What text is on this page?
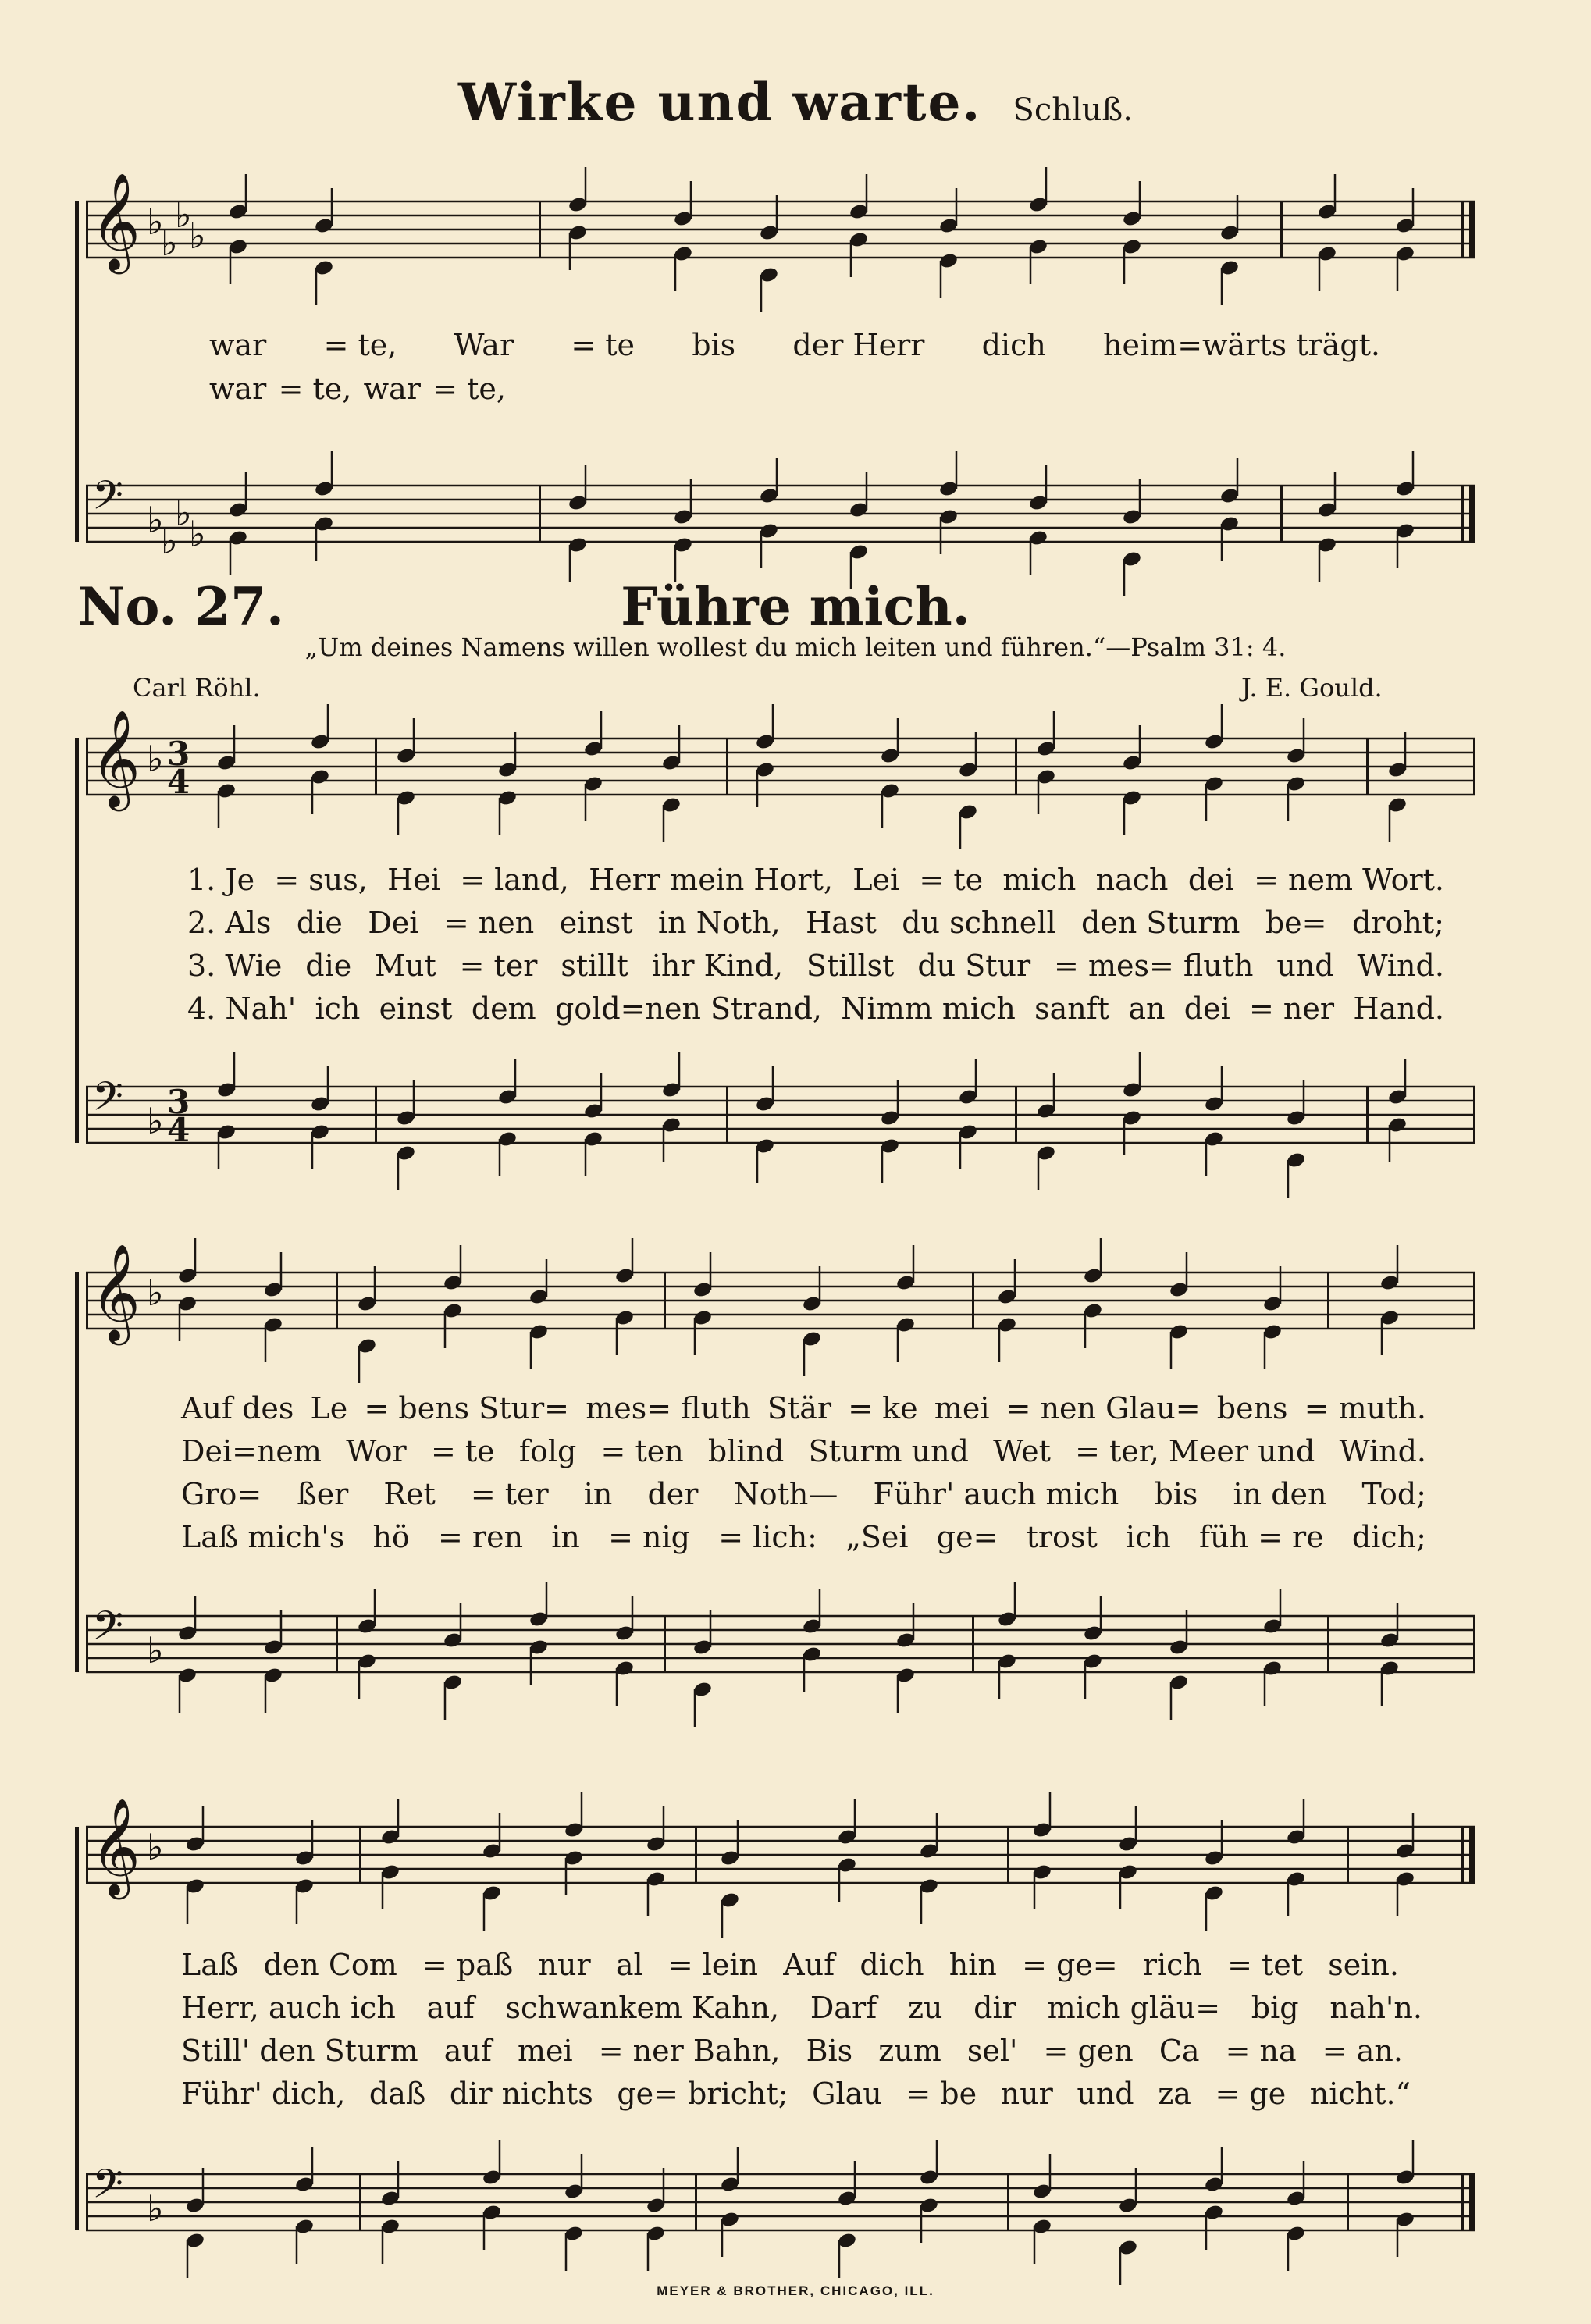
𝄞
𝄢
♭
♭
♭
♭
♭
♭
♭
♭
𝄞
𝄢
♭
♭
3
4
3
4
𝄞
𝄢
♭
♭
𝄞
𝄢
♭
♭
Wirke und warte. Schluß.
war = te, War = te bis der Herr dich heim=wärts trägt.
war = te, war = te,
No. 27.	Führe mich.
„Um deines Namens willen wollest du mich leiten und führen.“—Psalm 31: 4.
Carl Röhl.	J. E. Gould.
1. Je = sus, Hei = land, Herr mein Hort, Lei = te mich nach dei = nem Wort.
2. Als die Dei = nen einst in Noth, Hast du schnell den Sturm be= droht;
3. Wie die Mut = ter stillt ihr Kind, Stillst du Stur = mes= fluth und Wind.
4. Nah' ich einst dem gold=nen Strand, Nimm mich sanft an dei = ner Hand.
Auf des Le = bens Stur= mes= fluth Stär = ke mei = nen Glau= bens = muth.
Dei=nem Wor = te folg = ten blind Sturm und Wet = ter, Meer und Wind.
Gro= ßer Ret = ter in der Noth— Führ' auch mich bis in den Tod;
Laß mich's hö = ren in = nig = lich: „Sei ge= trost ich füh = re dich;
Laß den Com = paß nur al = lein Auf dich hin = ge= rich = tet sein.
Herr, auch ich auf schwankem Kahn, Darf zu dir mich gläu= big nah'n.
Still' den Sturm auf mei = ner Bahn, Bis zum sel' = gen Ca = na = an.
Führ' dich, daß dir nichts ge= bricht; Glau = be nur und za = ge nicht.“
MEYER & BROTHER, CHICAGO, ILL.
